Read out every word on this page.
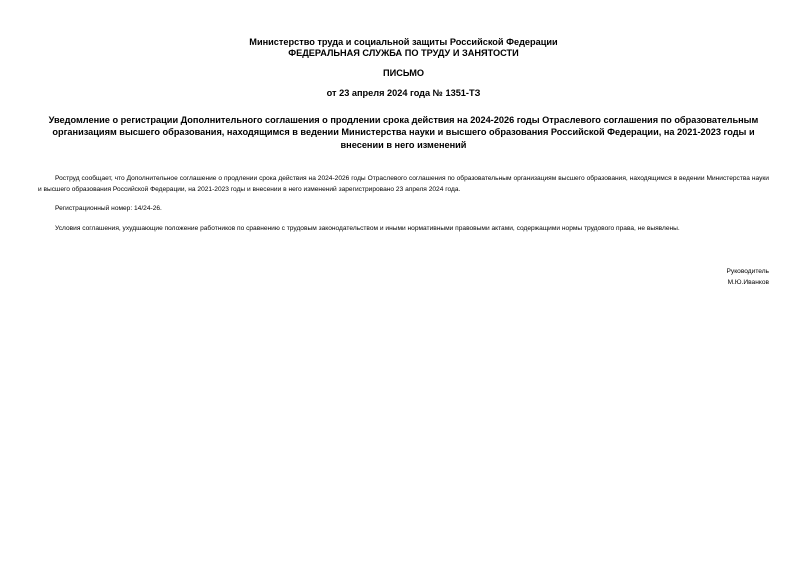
Министерство труда и социальной защиты Российской Федерации
ФЕДЕРАЛЬНАЯ СЛУЖБА ПО ТРУДУ И ЗАНЯТОСТИ
ПИСЬМО
от 23 апреля 2024 года № 1351-ТЗ
Уведомление о регистрации Дополнительного соглашения о продлении срока действия на 2024-2026 годы Отраслевого соглашения по образовательным организациям высшего образования, находящимся в ведении Министерства науки и высшего образования Российской Федерации, на 2021-2023 годы и внесении в него изменений
Роструд сообщает, что Дополнительное соглашение о продлении срока действия на 2024-2026 годы Отраслевого соглашения по образовательным организациям высшего образования, находящимся в ведении Министерства науки и высшего образования Российской Федерации, на 2021-2023 годы и внесении в него изменений зарегистрировано 23 апреля 2024 года.
Регистрационный номер: 14/24-26.
Условия соглашения, ухудшающие положение работников по сравнению с трудовым законодательством и иными нормативными правовыми актами, содержащими нормы трудового права, не выявлены.
Руководитель
М.Ю.Иванков
